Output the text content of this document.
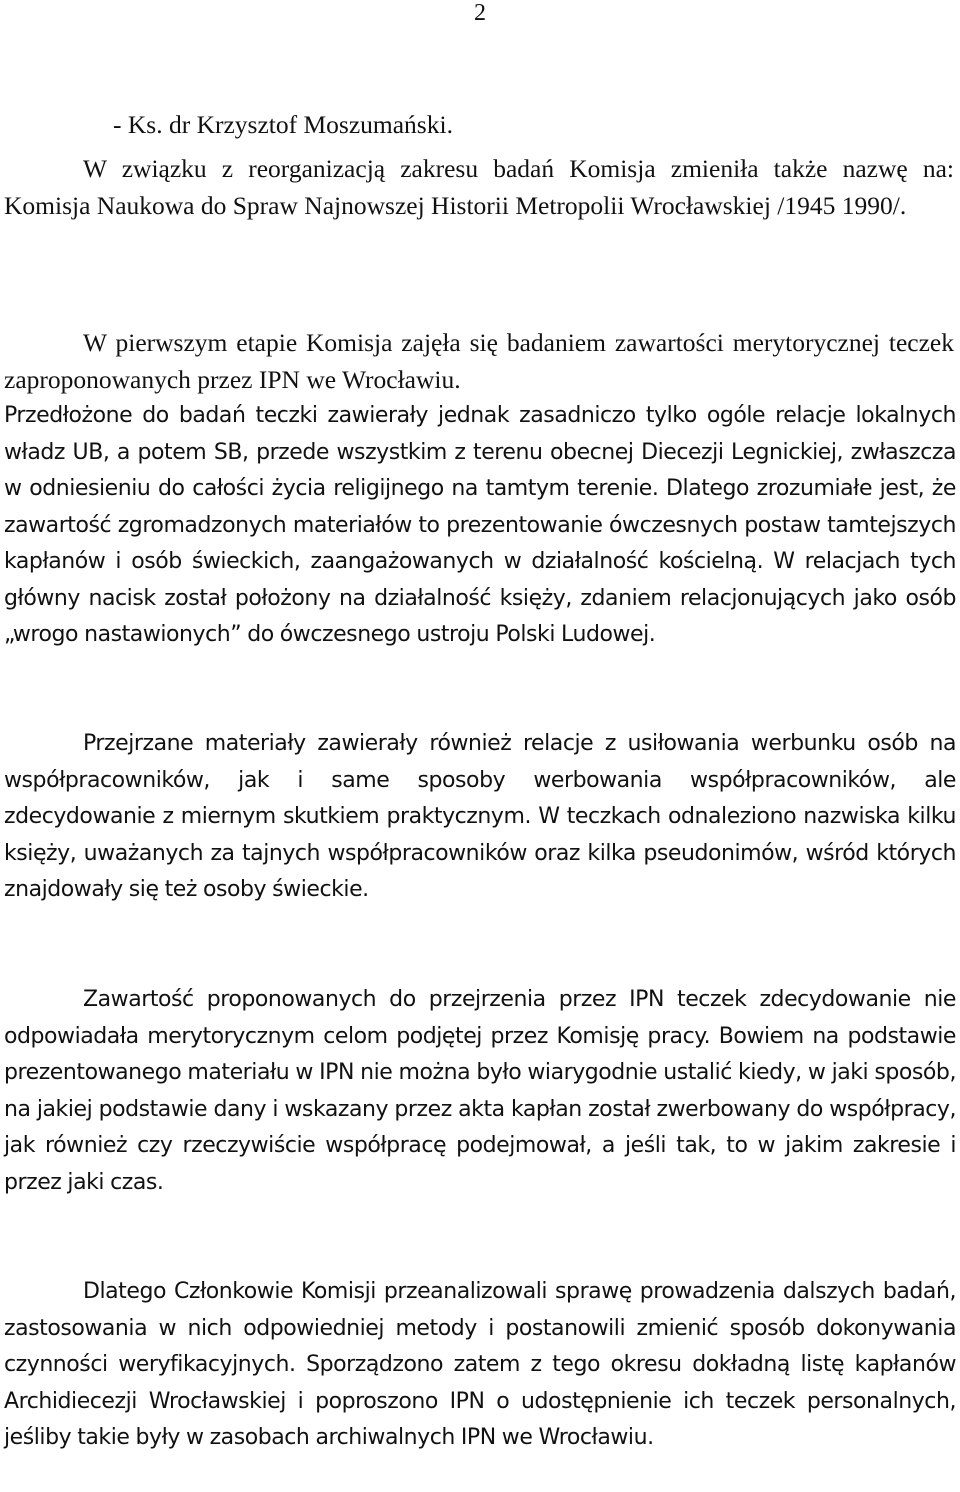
2
- Ks. dr Krzysztof Moszumański.
W związku z reorganizacją zakresu badań Komisja zmieniła także nazwę na: Komisja Naukowa do Spraw Najnowszej Historii Metropolii Wrocławskiej /1945 1990/.
W pierwszym etapie Komisja zajęła się badaniem zawartości merytorycznej teczek zaproponowanych przez IPN we Wrocławiu.

Przedłożone do badań teczki zawierały jednak zasadniczo tylko ogóle relacje lokalnych władz UB, a potem SB, przede wszystkim z terenu obecnej Diecezji Legnickiej, zwłaszcza w odniesieniu do całości życia religijnego na tamtym terenie. Dlatego zrozumiałe jest, że zawartość zgromadzonych materiałów to prezentowanie ówczesnych postaw tamtejszych kapłanów i osób świeckich, zaangażowanych w działalność kościelną. W relacjach tych główny nacisk został położony na działalność księży, zdaniem relacjonujących jako osób „wrogo nastawionych” do ówczesnego ustroju Polski Ludowej.

Przejrzane materiały zawierały również relacje z usiłowania werbunku osób na współpracowników, jak i same sposoby werbowania współpracowników, ale zdecydowanie z miernym skutkiem praktycznym. W teczkach odnaleziono nazwiska kilku księży, uważanych za tajnych współpracowników oraz kilka pseudonimów, wśród których znajdowały się też osoby świeckie.

Zawartość proponowanych do przejrzenia przez IPN teczek zdecydowanie nie odpowiadała merytorycznym celom podjętej przez Komisję pracy. Bowiem na podstawie prezentowanego materiału w IPN nie można było wiarygodnie ustalić kiedy, w jaki sposób, na jakiej podstawie dany i wskazany przez akta kapłan został zwerbowany do współpracy, jak również czy rzeczywiście współpracę podejmował, a jeśli tak, to w jakim zakresie i przez jaki czas.

Dlatego Członkowie Komisji przeanalizowali sprawę prowadzenia dalszych badań, zastosowania w nich odpowiedniej metody i postanowili zmienić sposób dokonywania czynności weryfikacyjnych. Sporządzono zatem z tego okresu dokładną listę kapłanów Archidiecezji Wrocławskiej i poproszono IPN o udostępnienie ich teczek personalnych, jeśliby takie były w zasobach archiwalnych IPN we Wrocławiu.
